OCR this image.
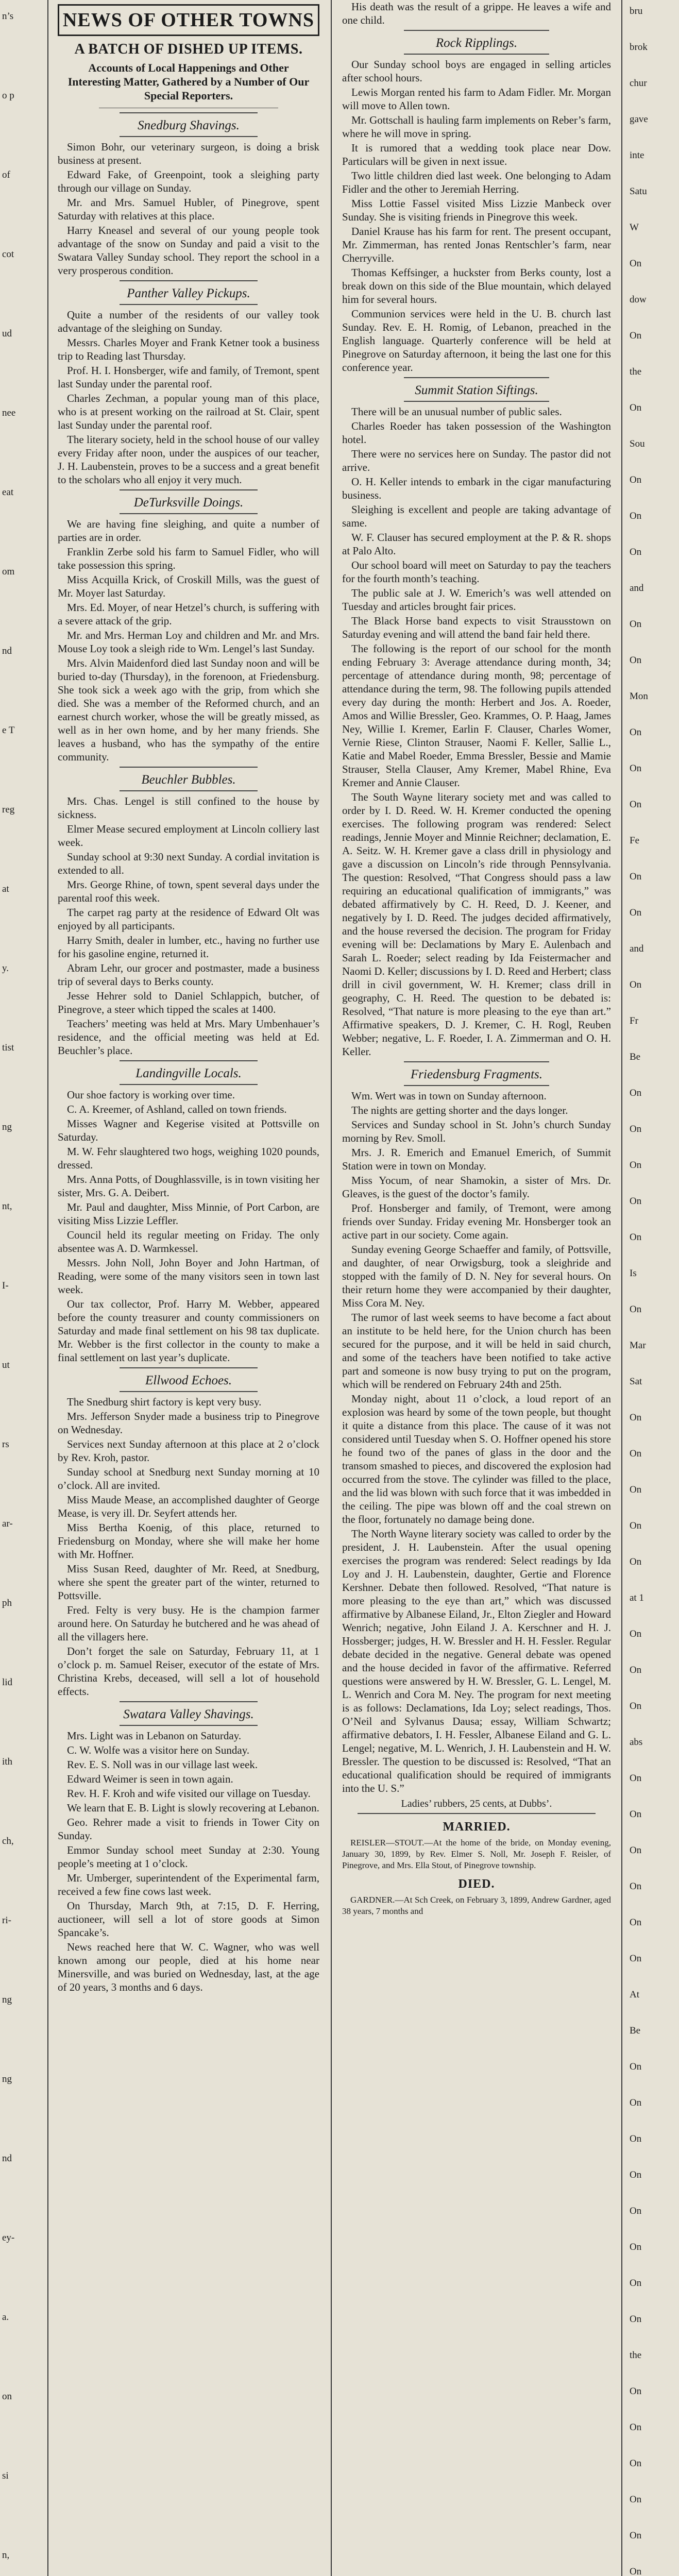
n’s
o p
of
cot
ud
nee
eat
om
nd
e T
reg
at
y.
tist
ng
nt,
I-
ut
rs
ar-
ph
lid
ith
ch,
ri-
ng
ng
nd
ey-
a.
on
si
n,
NEWS OF OTHER TOWNS
A BATCH OF DISHED UP ITEMS.
Accounts of Local Happenings and Other Interesting Matter, Gathered by a Number of Our Special Reporters.
Snedburg Shavings.

Simon Bohr, our veterinary surgeon, is doing a brisk business at present.

Edward Fake, of Greenpoint, took a sleighing party through our village on Sunday.

Mr. and Mrs. Samuel Hubler, of Pinegrove, spent Saturday with relatives at this place.

Harry Kneasel and several of our young people took advantage of the snow on Sunday and paid a visit to the Swatara Valley Sunday school. They report the school in a very prosperous condition.

Panther Valley Pickups.

Quite a number of the residents of our valley took advantage of the sleighing on Sunday.

Messrs. Charles Moyer and Frank Ketner took a business trip to Reading last Thursday.

Prof. H. I. Honsberger, wife and family, of Tremont, spent last Sunday under the parental roof.

Charles Zechman, a popular young man of this place, who is at present working on the railroad at St. Clair, spent last Sunday under the parental roof.

The literary society, held in the school house of our valley every Friday after noon, under the auspices of our teacher, J. H. Laubenstein, proves to be a success and a great benefit to the scholars who all enjoy it very much.

DeTurksville Doings.

We are having fine sleighing, and quite a number of parties are in order.

Franklin Zerbe sold his farm to Samuel Fidler, who will take possession this spring.

Miss Acquilla Krick, of Croskill Mills, was the guest of Mr. Moyer last Saturday.

Mrs. Ed. Moyer, of near Hetzel’s church, is suffering with a severe attack of the grip.

Mr. and Mrs. Herman Loy and children and Mr. and Mrs. Mouse Loy took a sleigh ride to Wm. Lengel’s last Sunday.

Mrs. Alvin Maidenford died last Sunday noon and will be buried to-day (Thursday), in the forenoon, at Friedensburg. She took sick a week ago with the grip, from which she died. She was a member of the Reformed church, and an earnest church worker, whose the will be greatly missed, as well as in her own home, and by her many friends. She leaves a husband, who has the sympathy of the entire community.

Beuchler Bubbles.

Mrs. Chas. Lengel is still confined to the house by sickness.

Elmer Mease secured employment at Lincoln colliery last week.

Sunday school at 9:30 next Sunday. A cordial invitation is extended to all.

Mrs. George Rhine, of town, spent several days under the parental roof this week.

The carpet rag party at the residence of Edward Olt was enjoyed by all participants.

Harry Smith, dealer in lumber, etc., having no further use for his gasoline engine, returned it.

Abram Lehr, our grocer and postmaster, made a business trip of several days to Berks county.

Jesse Hehrer sold to Daniel Schlappich, butcher, of Pinegrove, a steer which tipped the scales at 1400.

Teachers’ meeting was held at Mrs. Mary Umbenhauer’s residence, and the official meeting was held at Ed. Beuchler’s place.

Landingville Locals.

Our shoe factory is working over time.

C. A. Kreemer, of Ashland, called on town friends.

Misses Wagner and Kegerise visited at Pottsville on Saturday.

M. W. Fehr slaughtered two hogs, weighing 1020 pounds, dressed.

Mrs. Anna Potts, of Doughlassville, is in town visiting her sister, Mrs. G. A. Deibert.

Mr. Paul and daughter, Miss Minnie, of Port Carbon, are visiting Miss Lizzie Leffler.

Council held its regular meeting on Friday. The only absentee was A. D. Warmkessel.

Messrs. John Noll, John Boyer and John Hartman, of Reading, were some of the many visitors seen in town last week.

Our tax collector, Prof. Harry M. Webber, appeared before the county treasurer and county commissioners on Saturday and made final settlement on his 98 tax duplicate. Mr. Webber is the first collector in the county to make a final settlement on last year’s duplicate.

Ellwood Echoes.

The Snedburg shirt factory is kept very busy.

Mrs. Jefferson Snyder made a business trip to Pinegrove on Wednesday.

Services next Sunday afternoon at this place at 2 o’clock by Rev. Kroh, pastor.

Sunday school at Snedburg next Sunday morning at 10 o’clock. All are invited.

Miss Maude Mease, an accomplished daughter of George Mease, is very ill. Dr. Seyfert attends her.

Miss Bertha Koenig, of this place, returned to Friedensburg on Monday, where she will make her home with Mr. Hoffner.

Miss Susan Reed, daughter of Mr. Reed, at Snedburg, where she spent the greater part of the winter, returned to Pottsville.

Fred. Felty is very busy. He is the champion farmer around here. On Saturday he butchered and he was ahead of all the villagers here.

Don’t forget the sale on Saturday, February 11, at 1 o’clock p. m. Samuel Reiser, executor of the estate of Mrs. Christina Krebs, deceased, will sell a lot of household effects.

Swatara Valley Shavings.

Mrs. Light was in Lebanon on Saturday.

C. W. Wolfe was a visitor here on Sunday.

Rev. E. S. Noll was in our village last week.

Edward Weimer is seen in town again.

Rev. H. F. Kroh and wife visited our village on Tuesday.

We learn that E. B. Light is slowly recovering at Lebanon.

Geo. Rehrer made a visit to friends in Tower City on Sunday.

Emmor Sunday school meet Sunday at 2:30. Young people’s meeting at 1 o’clock.

Mr. Umberger, superintendent of the Experimental farm, received a few fine cows last week.

On Thursday, March 9th, at 7:15, D. F. Herring, auctioneer, will sell a lot of store goods at Simon Spancake’s.

News reached here that W. C. Wagner, who was well known among our people, died at his home near Minersville, and was buried on Wednesday, last, at the age of 20 years, 3 months and 6 days.

His death was the result of a grippe. He leaves a wife and one child.

Rock Ripplings.

Our Sunday school boys are engaged in selling articles after school hours.

Lewis Morgan rented his farm to Adam Fidler. Mr. Morgan will move to Allen town.

Mr. Gottschall is hauling farm implements on Reber’s farm, where he will move in spring.

It is rumored that a wedding took place near Dow. Particulars will be given in next issue.

Two little children died last week. One belonging to Adam Fidler and the other to Jeremiah Herring.

Miss Lottie Fassel visited Miss Lizzie Manbeck over Sunday. She is visiting friends in Pinegrove this week.

Daniel Krause has his farm for rent. The present occupant, Mr. Zimmerman, has rented Jonas Rentschler’s farm, near Cherryville.

Thomas Keffsinger, a huckster from Berks county, lost a break down on this side of the Blue mountain, which delayed him for several hours.

Communion services were held in the U. B. church last Sunday. Rev. E. H. Romig, of Lebanon, preached in the English language. Quarterly conference will be held at Pinegrove on Saturday afternoon, it being the last one for this conference year.

Summit Station Siftings.

There will be an unusual number of public sales.

Charles Roeder has taken possession of the Washington hotel.

There were no services here on Sunday. The pastor did not arrive.

O. H. Keller intends to embark in the cigar manufacturing business.

Sleighing is excellent and people are taking advantage of same.

W. F. Clauser has secured employment at the P. & R. shops at Palo Alto.

Our school board will meet on Saturday to pay the teachers for the fourth month’s teaching.

The public sale at J. W. Emerich’s was well attended on Tuesday and articles brought fair prices.

The Black Horse band expects to visit Strausstown on Saturday evening and will attend the band fair held there.

The following is the report of our school for the month ending February 3: Average attendance during month, 34; percentage of attendance during month, 98; percentage of attendance during the term, 98. The following pupils attended every day during the month: Herbert and Jos. A. Roeder, Amos and Willie Bressler, Geo. Krammes, O. P. Haag, James Ney, Willie I. Kremer, Earlin F. Clauser, Charles Womer, Vernie Riese, Clinton Strauser, Naomi F. Keller, Sallie L., Katie and Mabel Roeder, Emma Bressler, Bessie and Mamie Strauser, Stella Clauser, Amy Kremer, Mabel Rhine, Eva Kremer and Annie Clauser.

The South Wayne literary society met and was called to order by I. D. Reed. W. H. Kremer conducted the opening exercises. The following program was rendered: Select readings, Jennie Moyer and Minnie Reichner; declamation, E. A. Seitz. W. H. Kremer gave a class drill in physiology and gave a discussion on Lincoln’s ride through Pennsylvania. The question: Resolved, “That Congress should pass a law requiring an educational qualification of immigrants,” was debated affirmatively by C. H. Reed, D. J. Keener, and negatively by I. D. Reed. The judges decided affirmatively, and the house reversed the decision. The program for Friday evening will be: Declamations by Mary E. Aulenbach and Sarah L. Roeder; select reading by Ida Feistermacher and Naomi D. Keller; discussions by I. D. Reed and Herbert; class drill in civil government, W. H. Kremer; class drill in geography, C. H. Reed. The question to be debated is: Resolved, “That nature is more pleasing to the eye than art.” Affirmative speakers, D. J. Kremer, C. H. Rogl, Reuben Webber; negative, L. F. Roeder, I. A. Zimmerman and O. H. Keller.

Friedensburg Fragments.

Wm. Wert was in town on Sunday afternoon.

The nights are getting shorter and the days longer.

Services and Sunday school in St. John’s church Sunday morning by Rev. Smoll.

Mrs. J. R. Emerich and Emanuel Emerich, of Summit Station were in town on Monday.

Miss Yocum, of near Shamokin, a sister of Mrs. Dr. Gleaves, is the guest of the doctor’s family.

Prof. Honsberger and family, of Tremont, were among friends over Sunday. Friday evening Mr. Honsberger took an active part in our society. Come again.

Sunday evening George Schaeffer and family, of Pottsville, and daughter, of near Orwigsburg, took a sleighride and stopped with the family of D. N. Ney for several hours. On their return home they were accompanied by their daughter, Miss Cora M. Ney.

The rumor of last week seems to have become a fact about an institute to be held here, for the Union church has been secured for the purpose, and it will be held in said church, and some of the teachers have been notified to take active part and someone is now busy trying to put on the program, which will be rendered on February 24th and 25th.

Monday night, about 11 o’clock, a loud report of an explosion was heard by some of the town people, but thought it quite a distance from this place. The cause of it was not considered until Tuesday when S. O. Hoffner opened his store he found two of the panes of glass in the door and the transom smashed to pieces, and discovered the explosion had occurred from the stove. The cylinder was filled to the place, and the lid was blown with such force that it was imbedded in the ceiling. The pipe was blown off and the coal strewn on the floor, fortunately no damage being done.

The North Wayne literary society was called to order by the president, J. H. Laubenstein. After the usual opening exercises the program was rendered: Select readings by Ida Loy and J. H. Laubenstein, daughter, Gertie and Florence Kershner. Debate then followed. Resolved, “That nature is more pleasing to the eye than art,” which was discussed affirmative by Albanese Eiland, Jr., Elton Ziegler and Howard Wenrich; negative, John Eiland J. A. Kerschner and H. J. Hossberger; judges, H. W. Bressler and H. H. Fessler. Regular debate decided in the negative. General debate was opened and the house decided in favor of the affirmative. Referred questions were answered by H. W. Bressler, G. L. Lengel, M. L. Wenrich and Cora M. Ney. The program for next meeting is as follows: Declamations, Ida Loy; select readings, Thos. O’Neil and Sylvanus Dausa; essay, William Schwartz; affirmative debators, I. H. Fessler, Albanese Eiland and G. L. Lengel; negative, M. L. Wenrich, J. H. Laubenstein and H. W. Bressler. The question to be discussed is: Resolved, “That an educational qualification should be required of immigrants into the U. S.”

Ladies’ rubbers, 25 cents, at Dubbs’.
MARRIED.
REISLER—STOUT.—At the home of the bride, on Monday evening, January 30, 1899, by Rev. Elmer S. Noll, Mr. Joseph F. Reisler, of Pinegrove, and Mrs. Ella Stout, of Pinegrove township.
DIED.
GARDNER.—At Sch Creek, on February 3, 1899, Andrew Gardner, aged 38 years, 7 months and
bru
brok
chur
gave
inte
Satu
W
On
dow
On
the
On
Sou
On
On
On
and
On
On
Mon
On
On
On
Fe
On
On
and
On
Fr
Be
On
On
On
On
On
Is
On
Mar
Sat
On
On
On
On
On
at 1
On
On
On
abs
On
On
On
On
On
On
At
Be
On
On
On
On
On
On
On
On
the
On
On
On
On
On
On
